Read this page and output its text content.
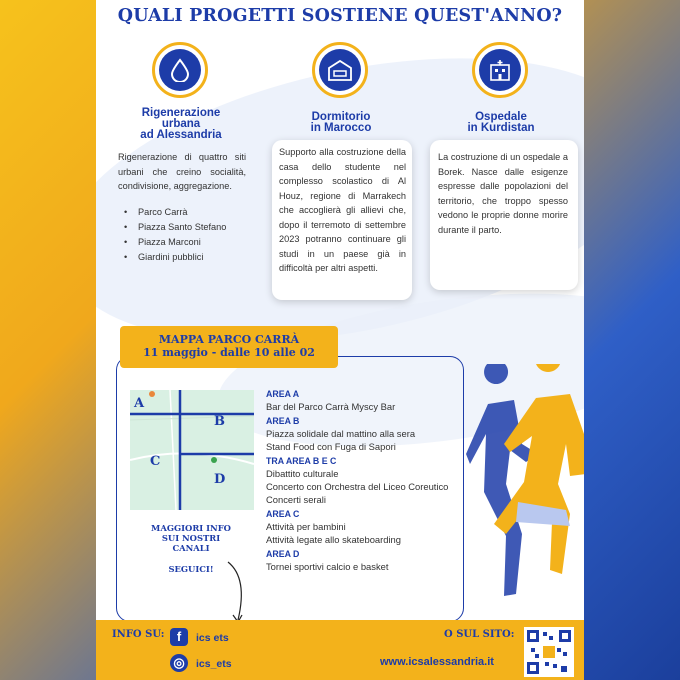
QUALI PROGETTI SOSTIENE QUEST'ANNO?
Rigenerazione
urbana
ad Alessandria
Rigenerazione di quattro siti urbani che creino socialità, condivisione, aggregazione.
• Parco Carrà
• Piazza Santo Stefano
• Piazza Marconi
• Giardini pubblici
Dormitorio
in Marocco
Supporto alla costruzione della casa dello studente nel complesso scolastico di Al Houz, regione di Marrakech che accoglierà gli allievi che, dopo il terremoto di settembre 2023 potranno continuare gli studi in un paese già in difficoltà per altri aspetti.
Ospedale
in Kurdistan
La costruzione di un ospedale a Borek. Nasce dalle esigenze espresse dalle popolazioni del territorio, che troppo spesso vedono le proprie donne morire durante il parto.
MAPPA PARCO CARRÀ
11 maggio - dalle 10 alle 02
A
B
C
D
AREA A
Bar del Parco Carrà Myscy Bar
AREA B
Piazza solidale dal mattino alla sera
Stand Food con Fuga di Sapori
TRA AREA B E C
Dibattito culturale
Concerto con Orchestra del Liceo Coreutico
Concerti serali
AREA C
Attività per bambini
Attività legate allo skateboarding
AREA D
Tornei sportivi calcio e basket
MAGGIORI INFO
SUI NOSTRI
CANALI
SEGUICI!
INFO SU: f	ics ets
◎	ics_ets
O SUL SITO:
www.icsalessandria.it
